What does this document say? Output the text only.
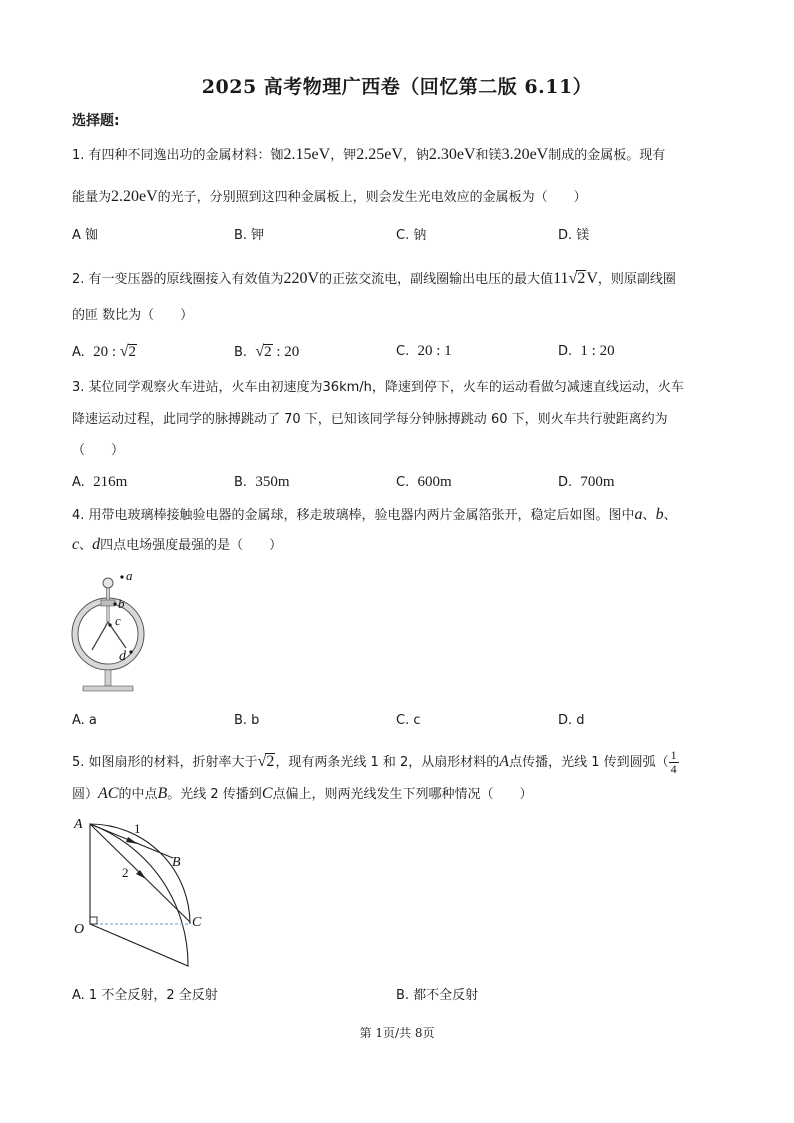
2025 高考物理广西卷（回忆第二版 6.11）
选择题:
1. 有四种不同逸出功的金属材料：铷2.15eV，钾2.25eV，钠2.30eV和镁3.20eV制成的金属板。现有
能量为2.20eV的光子，分别照到这四种金属板上，则会发生光电效应的金属板为（　　）
A 铷	B. 钾	C. 钠	D. 镁
2. 有一变压器的原线圈接入有效值为220V的正弦交流电，副线圈输出电压的最大值11√2V，则原副线圈
的匝 数比为（　　）
A. 20 : √2	B. √2 : 20	C. 20 : 1	D. 1 : 20
3. 某位同学观察火车进站，火车由初速度为36km/h，降速到停下，火车的运动看做匀减速直线运动，火车
降速运动过程，此同学的脉搏跳动了 70 下，已知该同学每分钟脉搏跳动 60 下，则火车共行驶距离约为
（　　）
A. 216m	B. 350m	C. 600m	D. 700m
4. 用带电玻璃棒接触验电器的金属球，移走玻璃棒，验电器内两片金属箔张开，稳定后如图。图中a、b、
c、d四点电场强度最强的是（　　）
a
b
c
d
A. a	B. b	C. c	D. d
5. 如图扇形的材料，折射率大于√2，现有两条光线 1 和 2，从扇形材料的A点传播，光线 1 传到圆弧（ $\frac{1}{4}$
圆）AC的中点B。光线 2 传播到C点偏上，则两光线发生下列哪种情况（　　）
A
B
C
O
1
2
A. 1 不全反射，2 全反射	B. 都不全反射
第 1页/共 8页
